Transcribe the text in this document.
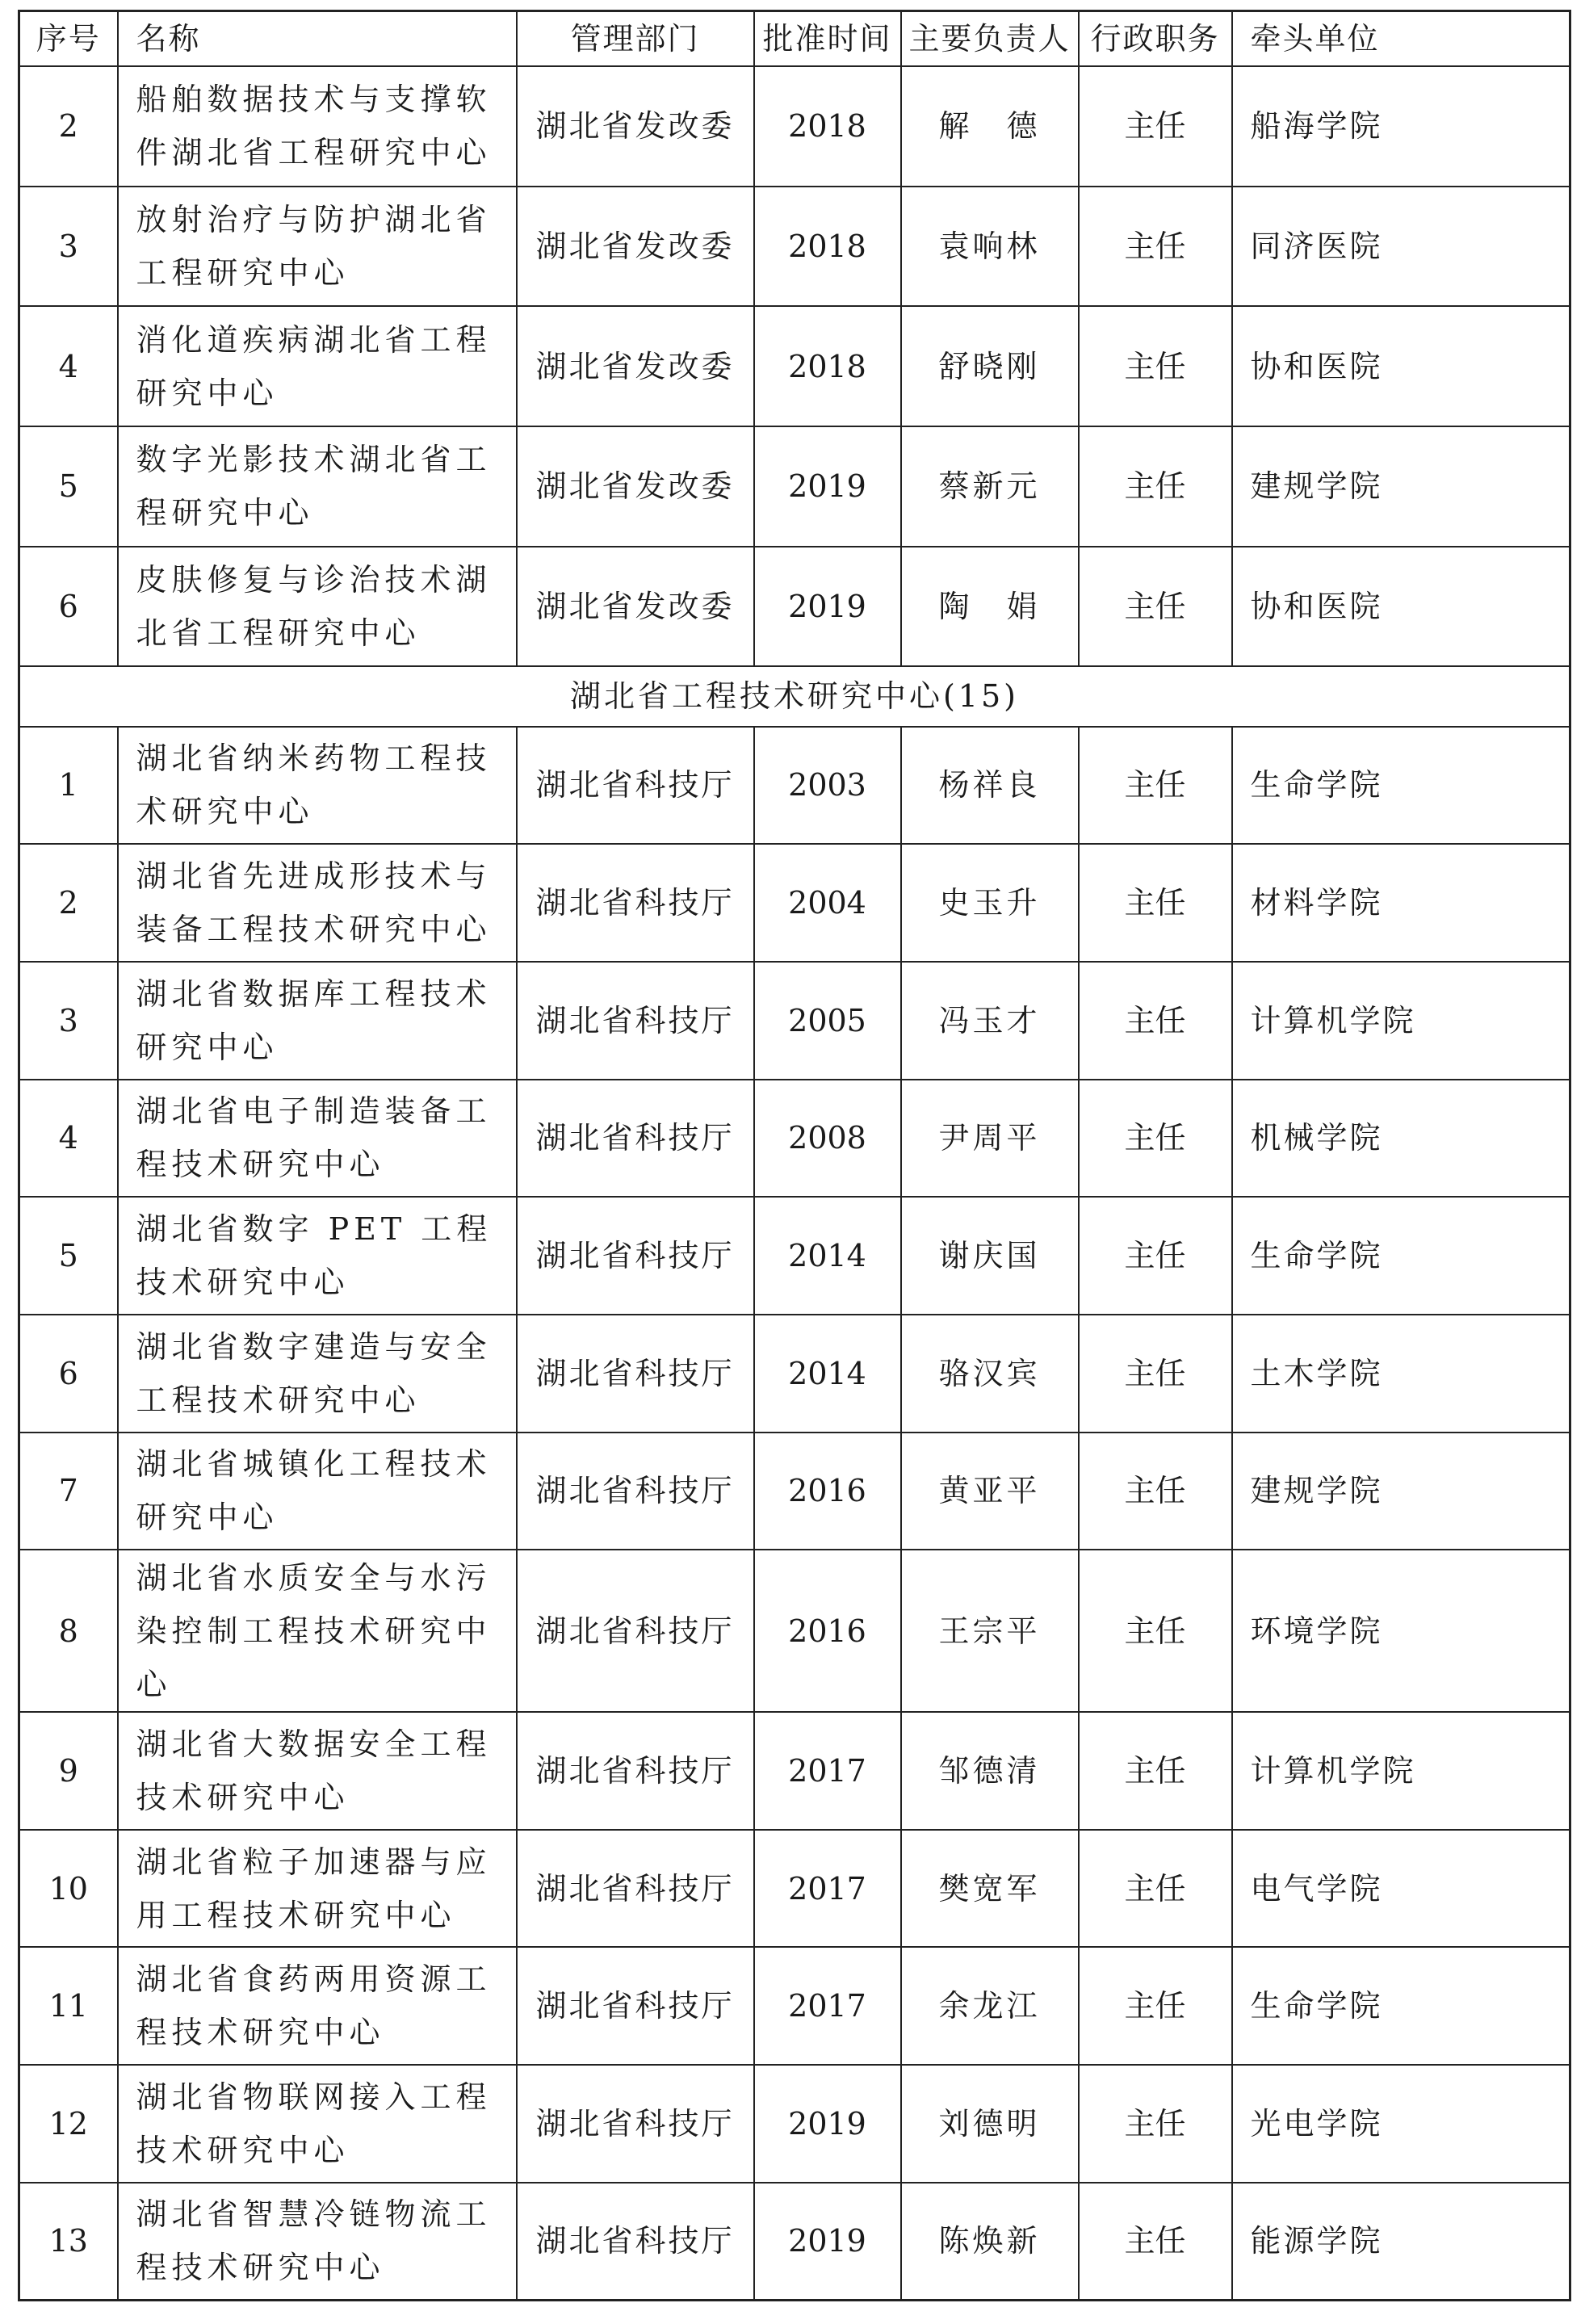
序号	名称	管理部门	批准时间	主要负责人	行政职务	牵头单位
2	船舶数据技术与支撑软件湖北省工程研究中心	湖北省发改委	2018	解　德	主任	船海学院
3	放射治疗与防护湖北省工程研究中心	湖北省发改委	2018	袁响林	主任	同济医院
4	消化道疾病湖北省工程研究中心	湖北省发改委	2018	舒晓刚	主任	协和医院
5	数字光影技术湖北省工程研究中心	湖北省发改委	2019	蔡新元	主任	建规学院
6	皮肤修复与诊治技术湖北省工程研究中心	湖北省发改委	2019	陶　娟	主任	协和医院
湖北省工程技术研究中心(15)						
1	湖北省纳米药物工程技术研究中心	湖北省科技厅	2003	杨祥良	主任	生命学院
2	湖北省先进成形技术与装备工程技术研究中心	湖北省科技厅	2004	史玉升	主任	材料学院
3	湖北省数据库工程技术研究中心	湖北省科技厅	2005	冯玉才	主任	计算机学院
4	湖北省电子制造装备工程技术研究中心	湖北省科技厅	2008	尹周平	主任	机械学院
5	湖北省数字 PET 工程技术研究中心	湖北省科技厅	2014	谢庆国	主任	生命学院
6	湖北省数字建造与安全工程技术研究中心	湖北省科技厅	2014	骆汉宾	主任	土木学院
7	湖北省城镇化工程技术研究中心	湖北省科技厅	2016	黄亚平	主任	建规学院
8	湖北省水质安全与水污染控制工程技术研究中心	湖北省科技厅	2016	王宗平	主任	环境学院
9	湖北省大数据安全工程技术研究中心	湖北省科技厅	2017	邹德清	主任	计算机学院
10	湖北省粒子加速器与应用工程技术研究中心	湖北省科技厅	2017	樊宽军	主任	电气学院
11	湖北省食药两用资源工程技术研究中心	湖北省科技厅	2017	余龙江	主任	生命学院
12	湖北省物联网接入工程技术研究中心	湖北省科技厅	2019	刘德明	主任	光电学院
13	湖北省智慧冷链物流工程技术研究中心	湖北省科技厅	2019	陈焕新	主任	能源学院
